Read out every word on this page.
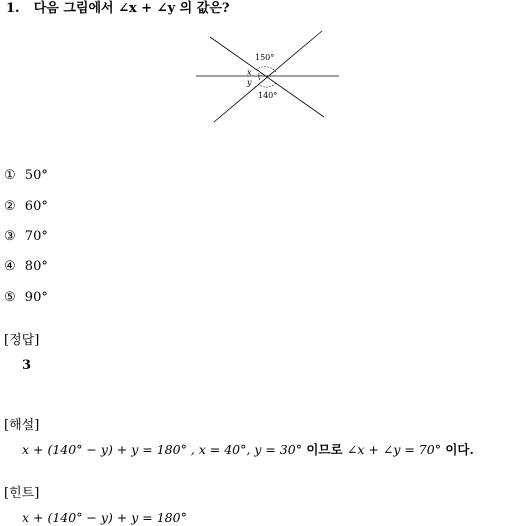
1. 다음 그림에서 ∠x + ∠y 의 값은?
150°
140°
x
y
① 50°
② 60°
③ 70°
④ 80°
⑤ 90°
[정답]
3
[해설]
x + (140° − y) + y = 180° , x = 40°, y = 30° 이므로 ∠x + ∠y = 70° 이다.
[힌트]
x + (140° − y) + y = 180°
